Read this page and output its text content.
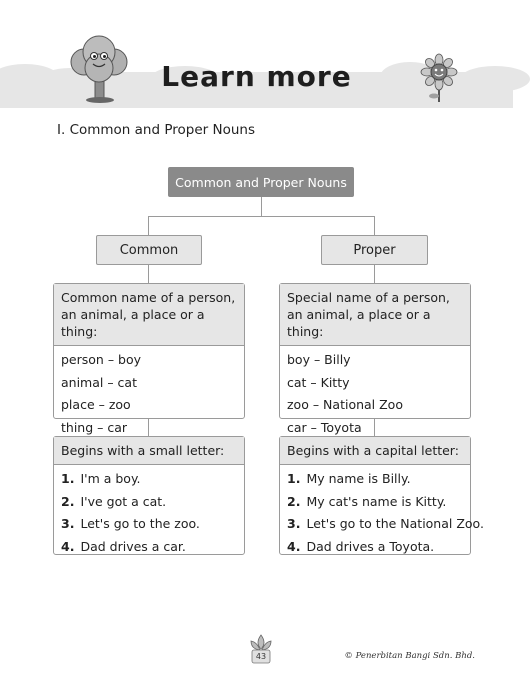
Learn more
I. Common and Proper Nouns
Common and Proper Nouns
Common	Proper
Common name of a person, an animal, a place or a thing:
person – boy
animal – cat
place – zoo
thing – car
Special name of a person, an animal, a place or a thing:
boy – Billy
cat – Kitty
zoo – National Zoo
car – Toyota
Begins with a small letter:
1. I'm a boy.
2. I've got a cat.
3. Let's go to the zoo.
4. Dad drives a car.
Begins with a capital letter:
1. My name is Billy.
2. My cat's name is Kitty.
3. Let's go to the National Zoo.
4. Dad drives a Toyota.
43	© Penerbitan Bangi Sdn. Bhd.
